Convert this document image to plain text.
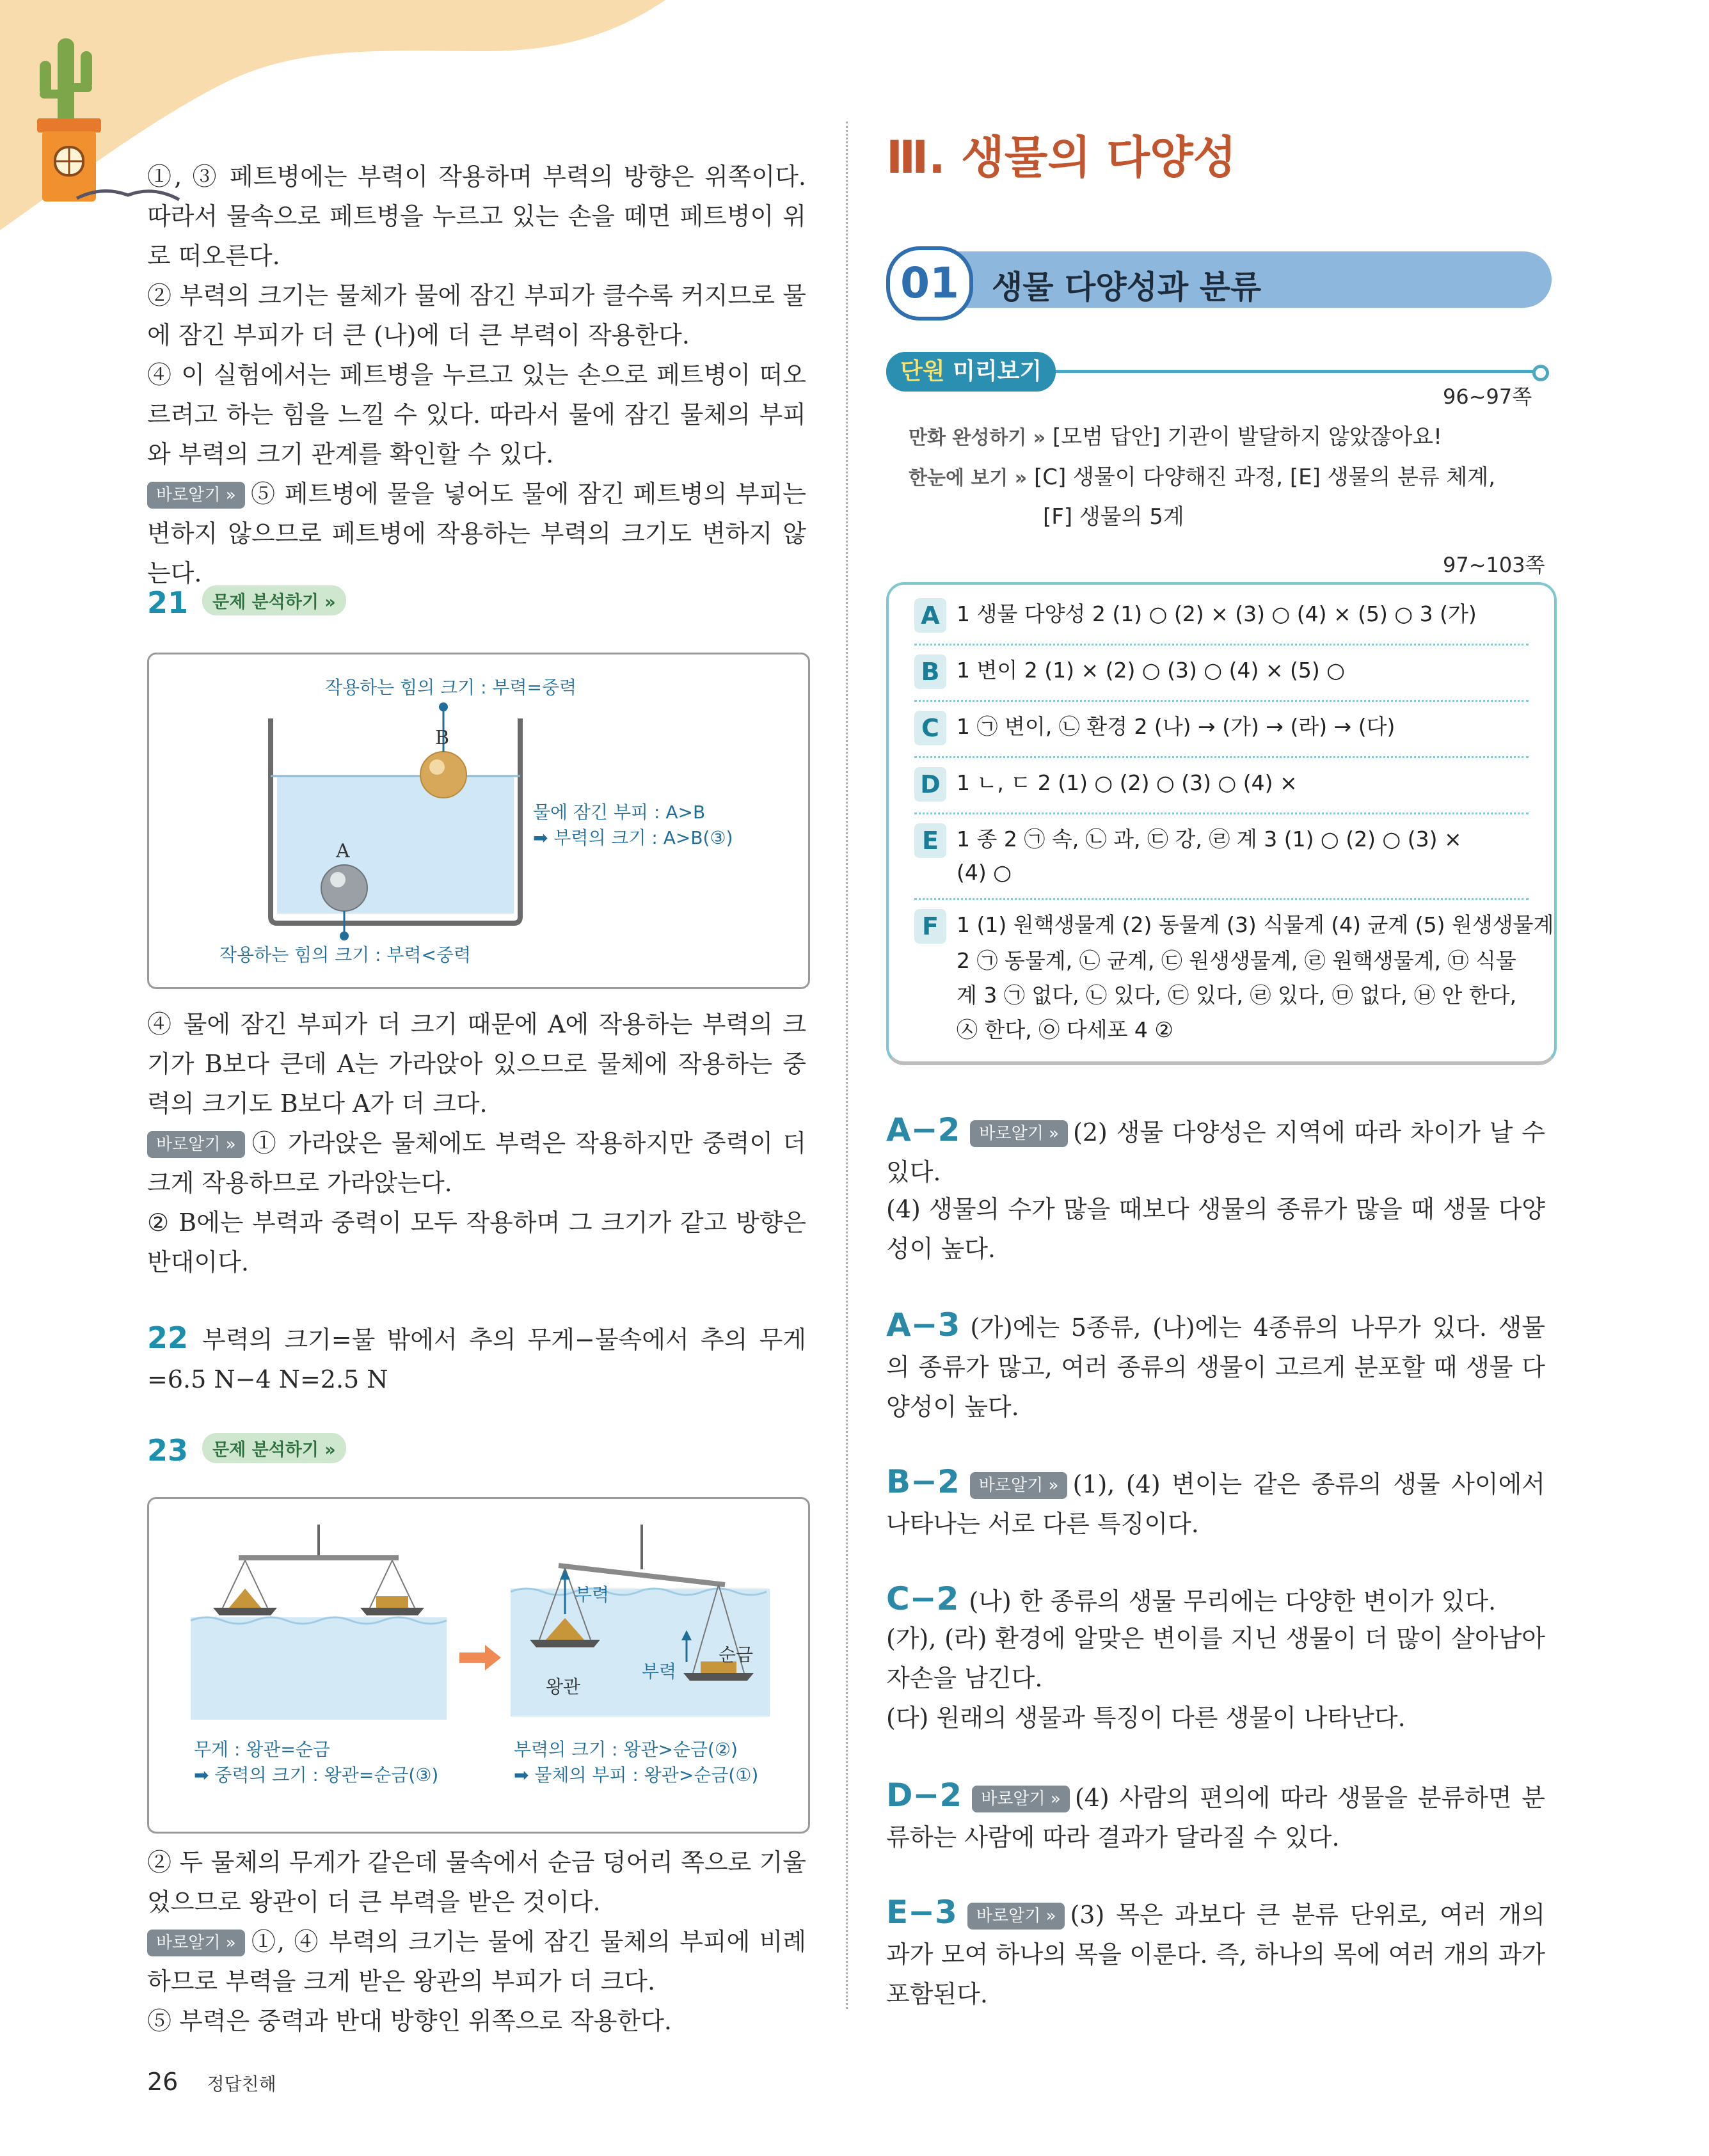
①, ③ 페트병에는 부력이 작용하며 부력의 방향은 위쪽이다. 따라서 물속으로 페트병을 누르고 있는 손을 떼면 페트병이 위로 떠오른다.

② 부력의 크기는 물체가 물에 잠긴 부피가 클수록 커지므로 물에 잠긴 부피가 더 큰 (나)에 더 큰 부력이 작용한다.

④ 이 실험에서는 페트병을 누르고 있는 손으로 페트병이 떠오르려고 하는 힘을 느낄 수 있다. 따라서 물에 잠긴 물체의 부피와 부력의 크기 관계를 확인할 수 있다.

바로알기 » ⑤ 페트병에 물을 넣어도 물에 잠긴 페트병의 부피는 변하지 않으므로 페트병에 작용하는 부력의 크기도 변하지 않는다.

21 문제 분석하기 »
작용하는 힘의 크기 : 부력=중력
B
A
물에 잠긴 부피 : A>B
➡ 부력의 크기 : A>B(③)
작용하는 힘의 크기 : 부력<중력

④ 물에 잠긴 부피가 더 크기 때문에 A에 작용하는 부력의 크기가 B보다 큰데 A는 가라앉아 있으므로 물체에 작용하는 중력의 크기도 B보다 A가 더 크다.

바로알기 » ① 가라앉은 물체에도 부력은 작용하지만 중력이 더 크게 작용하므로 가라앉는다.

② B에는 부력과 중력이 모두 작용하며 그 크기가 같고 방향은 반대이다.

22 부력의 크기=물 밖에서 추의 무게−물속에서 추의 무게 =6.5 N−4 N=2.5 N

23 문제 분석하기 »
부력
부력
왕관
순금
무게 : 왕관=순금
➡ 중력의 크기 : 왕관=순금(③)
부력의 크기 : 왕관>순금(②)
➡ 물체의 부피 : 왕관>순금(①)

② 두 물체의 무게가 같은데 물속에서 순금 덩어리 쪽으로 기울었으므로 왕관이 더 큰 부력을 받은 것이다.

바로알기 » ①, ④ 부력의 크기는 물에 잠긴 물체의 부피에 비례하므로 부력을 크게 받은 왕관의 부피가 더 크다.

⑤ 부력은 중력과 반대 방향인 위쪽으로 작용한다.

26 정답친해
Ⅲ. 생물의 다양성
01	생물 다양성과 분류
단원 미리보기
96~97쪽
만화 완성하기 » [모범 답안] 기관이 발달하지 않았잖아요!
한눈에 보기 » [C] 생물이 다양해진 과정, [E] 생물의 분류 체계,
[F] 생물의 5계
97~103쪽
A 1 생물 다양성 2 (1) ○ (2) × (3) ○ (4) × (5) ○ 3 (가)
B 1 변이 2 (1) × (2) ○ (3) ○ (4) × (5) ○
C 1 ㉠ 변이, ㉡ 환경 2 (나) → (가) → (라) → (다)
D 1 ㄴ, ㄷ 2 (1) ○ (2) ○ (3) ○ (4) ×
E 1 종 2 ㉠ 속, ㉡ 과, ㉢ 강, ㉣ 계 3 (1) ○ (2) ○ (3) ×
(4) ○
F 1 (1) 원핵생물계 (2) 동물계 (3) 식물계 (4) 균계 (5) 원생생물계
2 ㉠ 동물계, ㉡ 균계, ㉢ 원생생물계, ㉣ 원핵생물계, ㉤ 식물
계 3 ㉠ 없다, ㉡ 있다, ㉢ 있다, ㉣ 있다, ㉤ 없다, ㉥ 안 한다,
㉦ 한다, ㉧ 다세포 4 ②

A−2 바로알기 » (2) 생물 다양성은 지역에 따라 차이가 날 수 있다.

(4) 생물의 수가 많을 때보다 생물의 종류가 많을 때 생물 다양성이 높다.

A−3 (가)에는 5종류, (나)에는 4종류의 나무가 있다. 생물의 종류가 많고, 여러 종류의 생물이 고르게 분포할 때 생물 다양성이 높다.

B−2 바로알기 » (1), (4) 변이는 같은 종류의 생물 사이에서 나타나는 서로 다른 특징이다.

C−2 (나) 한 종류의 생물 무리에는 다양한 변이가 있다.

(가), (라) 환경에 알맞은 변이를 지닌 생물이 더 많이 살아남아 자손을 남긴다.

(다) 원래의 생물과 특징이 다른 생물이 나타난다.

D−2 바로알기 » (4) 사람의 편의에 따라 생물을 분류하면 분류하는 사람에 따라 결과가 달라질 수 있다.

E−3 바로알기 » (3) 목은 과보다 큰 분류 단위로, 여러 개의 과가 모여 하나의 목을 이룬다. 즉, 하나의 목에 여러 개의 과가 포함된다.
